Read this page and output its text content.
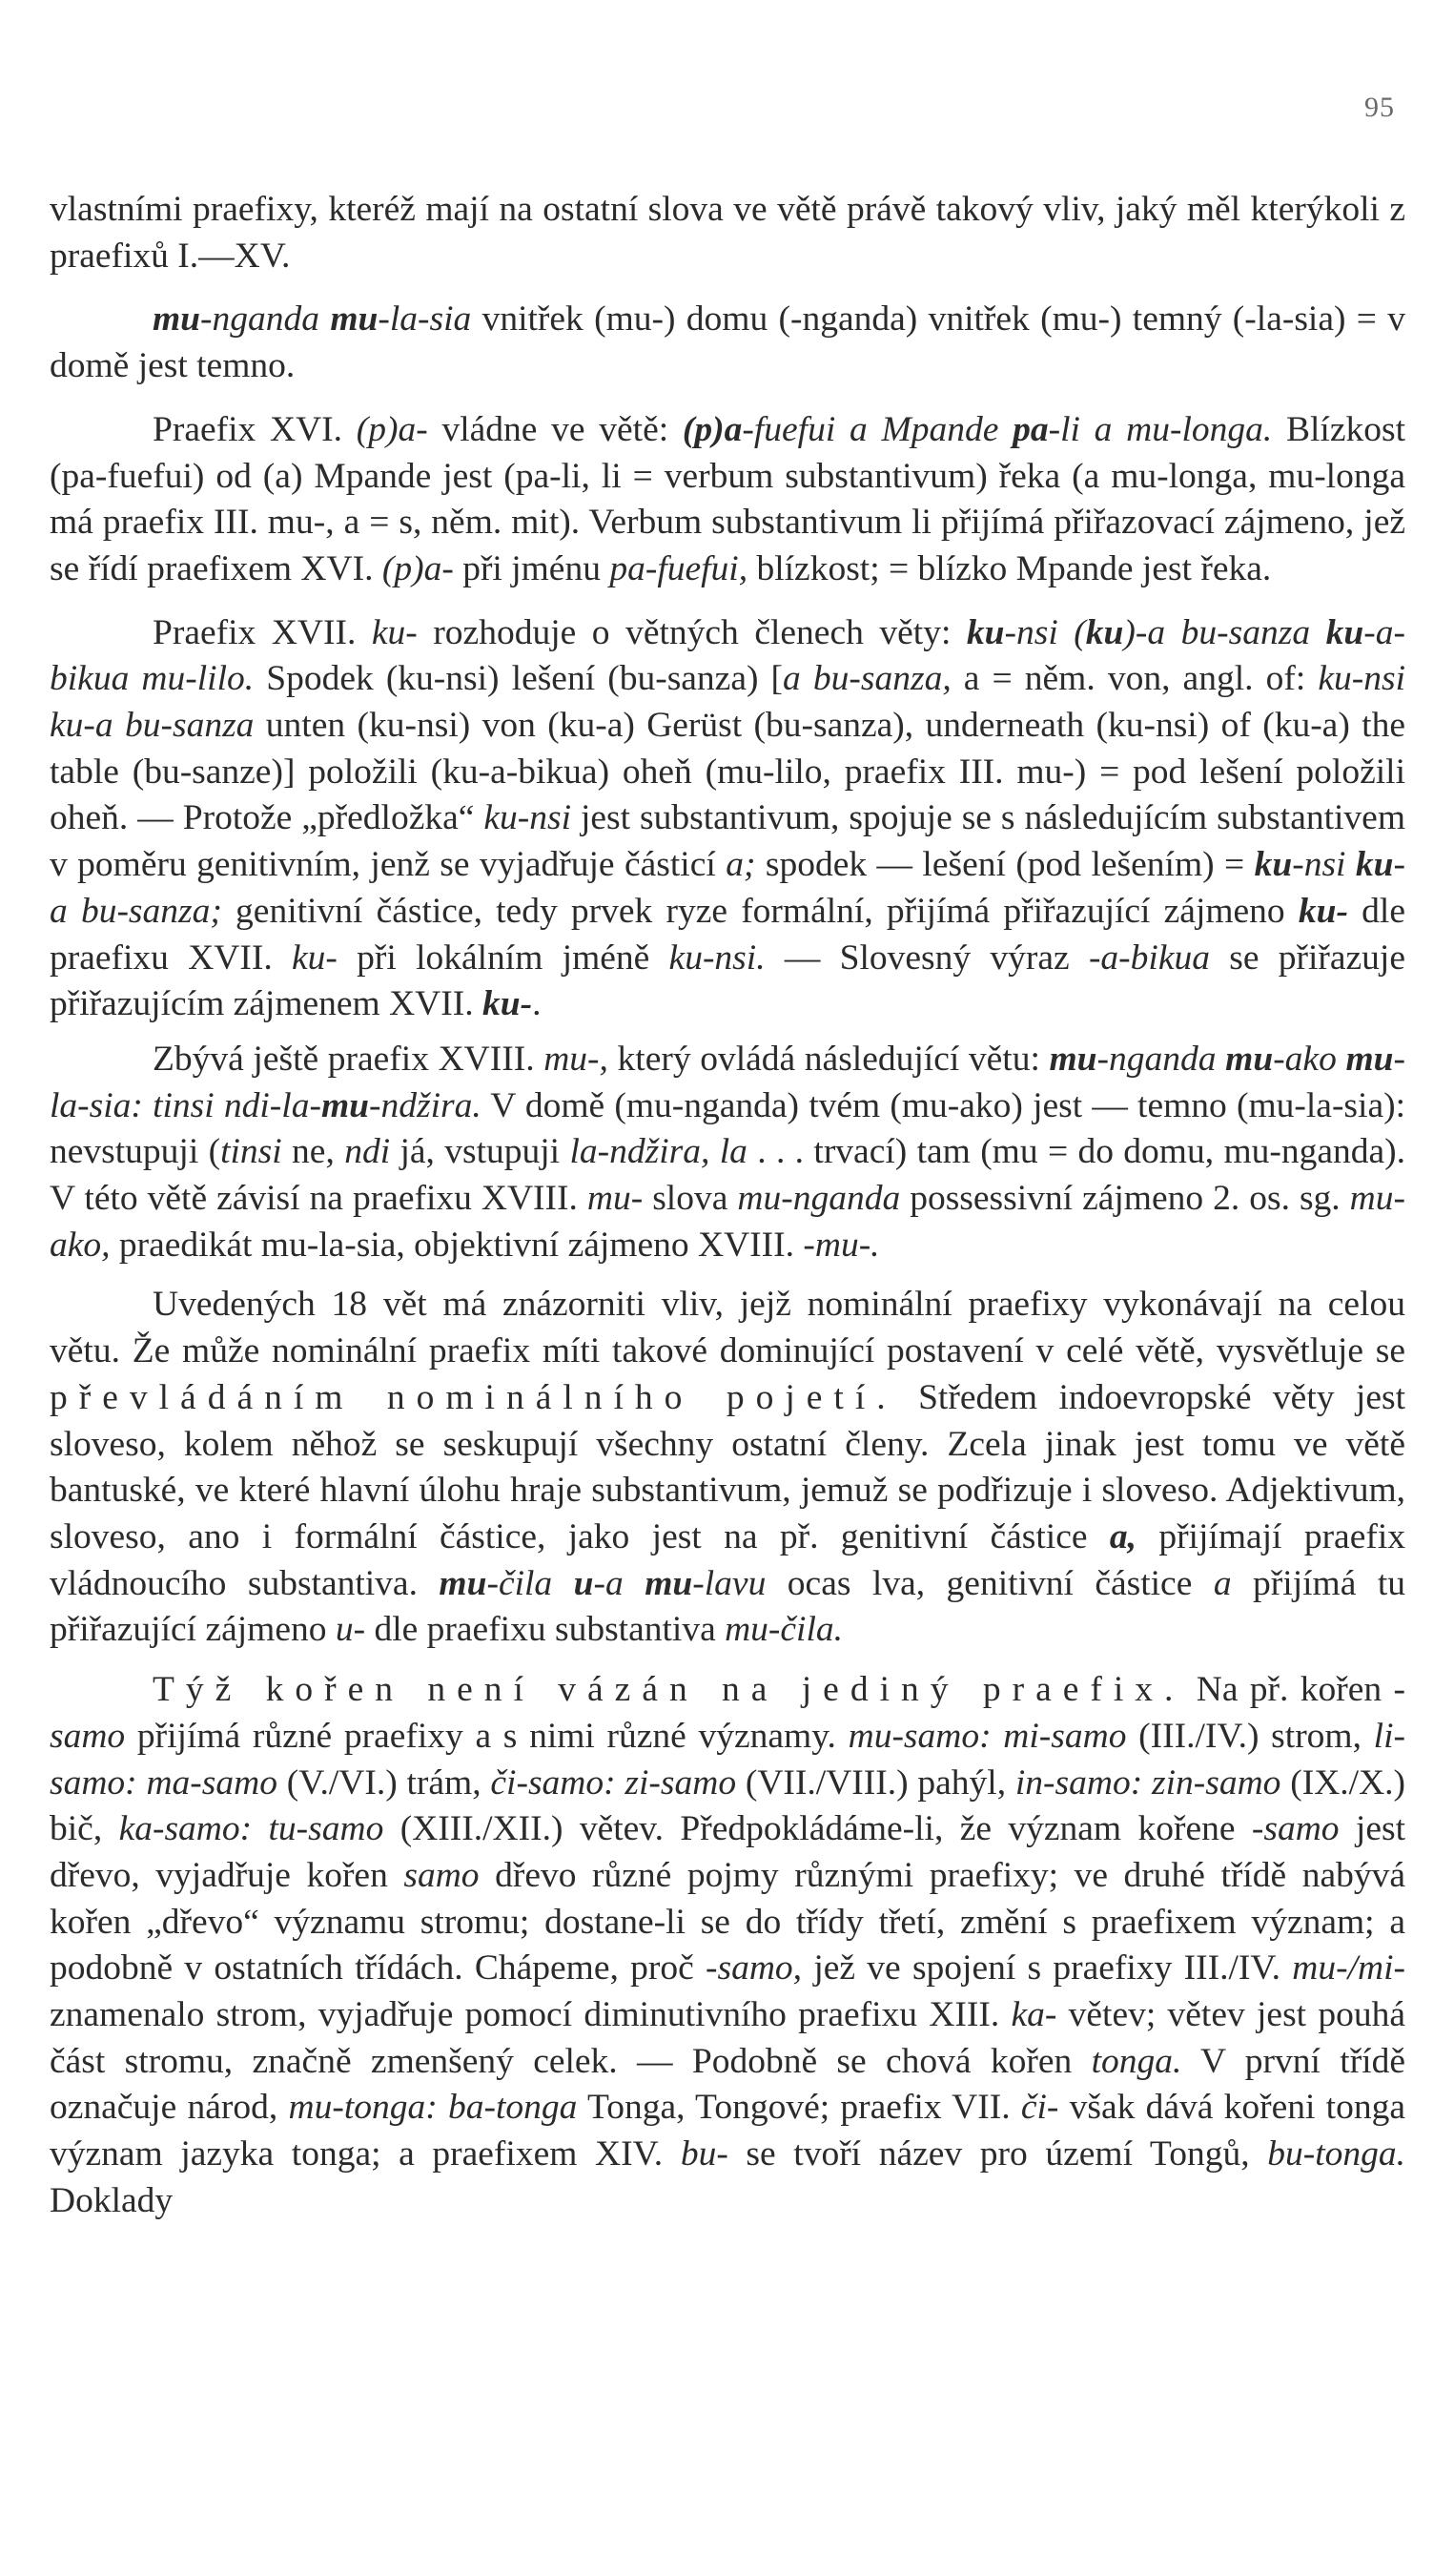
95

vlastními praefixy, kteréž mají na ostatní slova ve větě právě takový vliv, jaký měl kterýkoli z praefixů I.—XV.

mu-nganda mu-la-sia vnitřek (mu-) domu (-nganda) vnitřek (mu-) temný (-la-sia) = v domě jest temno.

Praefix XVI. (p)a- vládne ve větě: (p)a-fuefui a Mpande pa-li a mu-longa. Blízkost (pa-fuefui) od (a) Mpande jest (pa-li, li = verbum substantivum) řeka (a mu-longa, mu-longa má praefix III. mu-, a = s, něm. mit). Verbum substantivum li přijímá přiřazovací zájmeno, jež se řídí praefixem XVI. (p)a- při jménu pa-fuefui, blízkost; = blízko Mpande jest řeka.

Praefix XVII. ku- rozhoduje o větných členech věty: ku-nsi (ku)-a bu-sanza ku-a-bikua mu-lilo. Spodek (ku-nsi) lešení (bu-sanza) [a bu-sanza, a = něm. von, angl. of: ku-nsi ku-a bu-sanza unten (ku-nsi) von (ku-a) Gerüst (bu-sanza), underneath (ku-nsi) of (ku-a) the table (bu-sanze)] položili (ku-a-bikua) oheň (mu-lilo, praefix III. mu-) = pod lešení položili oheň. — Protože „předložka“ ku-nsi jest substantivum, spojuje se s následujícím substantivem v poměru genitivním, jenž se vyjadřuje částicí a; spodek — lešení (pod lešením) = ku-nsi ku-a bu-sanza; genitivní částice, tedy prvek ryze formální, přijímá přiřazující zájmeno ku- dle praefixu XVII. ku- při lokálním jméně ku-nsi. — Slovesný výraz -a-bikua se přiřazuje přiřazujícím zájmenem XVII. ku-.

Zbývá ještě praefix XVIII. mu-, který ovládá následující větu: mu-nganda mu-ako mu-la-sia: tinsi ndi-la-mu-ndžira. V domě (mu-nganda) tvém (mu-ako) jest — temno (mu-la-sia): nevstupuji (tinsi ne, ndi já, vstupuji la-ndžira, la . . . trvací) tam (mu = do domu, mu-nganda). V této větě závisí na praefixu XVIII. mu- slova mu-nganda possessivní zájmeno 2. os. sg. mu-ako, praedikát mu-la-sia, objektivní zájmeno XVIII. -mu-.

Uvedených 18 vět má znázorniti vliv, jejž nominální praefixy vykonávají na celou větu. Že může nominální praefix míti takové dominující postavení v celé větě, vysvětluje se převládáním nominálního pojetí. Středem indoevropské věty jest sloveso, kolem něhož se seskupují všechny ostatní členy. Zcela jinak jest tomu ve větě bantuské, ve které hlavní úlohu hraje substantivum, jemuž se podřizuje i sloveso. Adjektivum, sloveso, ano i formální částice, jako jest na př. genitivní částice a, přijímají praefix vládnoucího substantiva. mu-čila u-a mu-lavu ocas lva, genitivní částice a přijímá tu přiřazující zájmeno u- dle praefixu substantiva mu-čila.

Týž kořen není vázán na jediný praefix. Na př. kořen -samo přijímá různé praefixy a s nimi různé významy. mu-samo: mi-samo (III./IV.) strom, li-samo: ma-samo (V./VI.) trám, či-samo: zi-samo (VII./VIII.) pahýl, in-samo: zin-samo (IX./X.) bič, ka-samo: tu-samo (XIII./XII.) větev. Předpokládáme-li, že význam kořene -samo jest dřevo, vyjadřuje kořen samo dřevo různé pojmy různými praefixy; ve druhé třídě nabývá kořen „dřevo“ významu stromu; dostane-li se do třídy třetí, změní s praefixem význam; a podobně v ostatních třídách. Chápeme, proč -samo, jež ve spojení s praefixy III./IV. mu-/mi- znamenalo strom, vyjadřuje pomocí diminutivního praefixu XIII. ka- větev; větev jest pouhá část stromu, značně zmenšený celek. — Podobně se chová kořen tonga. V první třídě označuje národ, mu-tonga: ba-tonga Tonga, Tongové; praefix VII. či- však dává kořeni tonga význam jazyka tonga; a praefixem XIV. bu- se tvoří název pro území Tongů, bu-tonga. Doklady
